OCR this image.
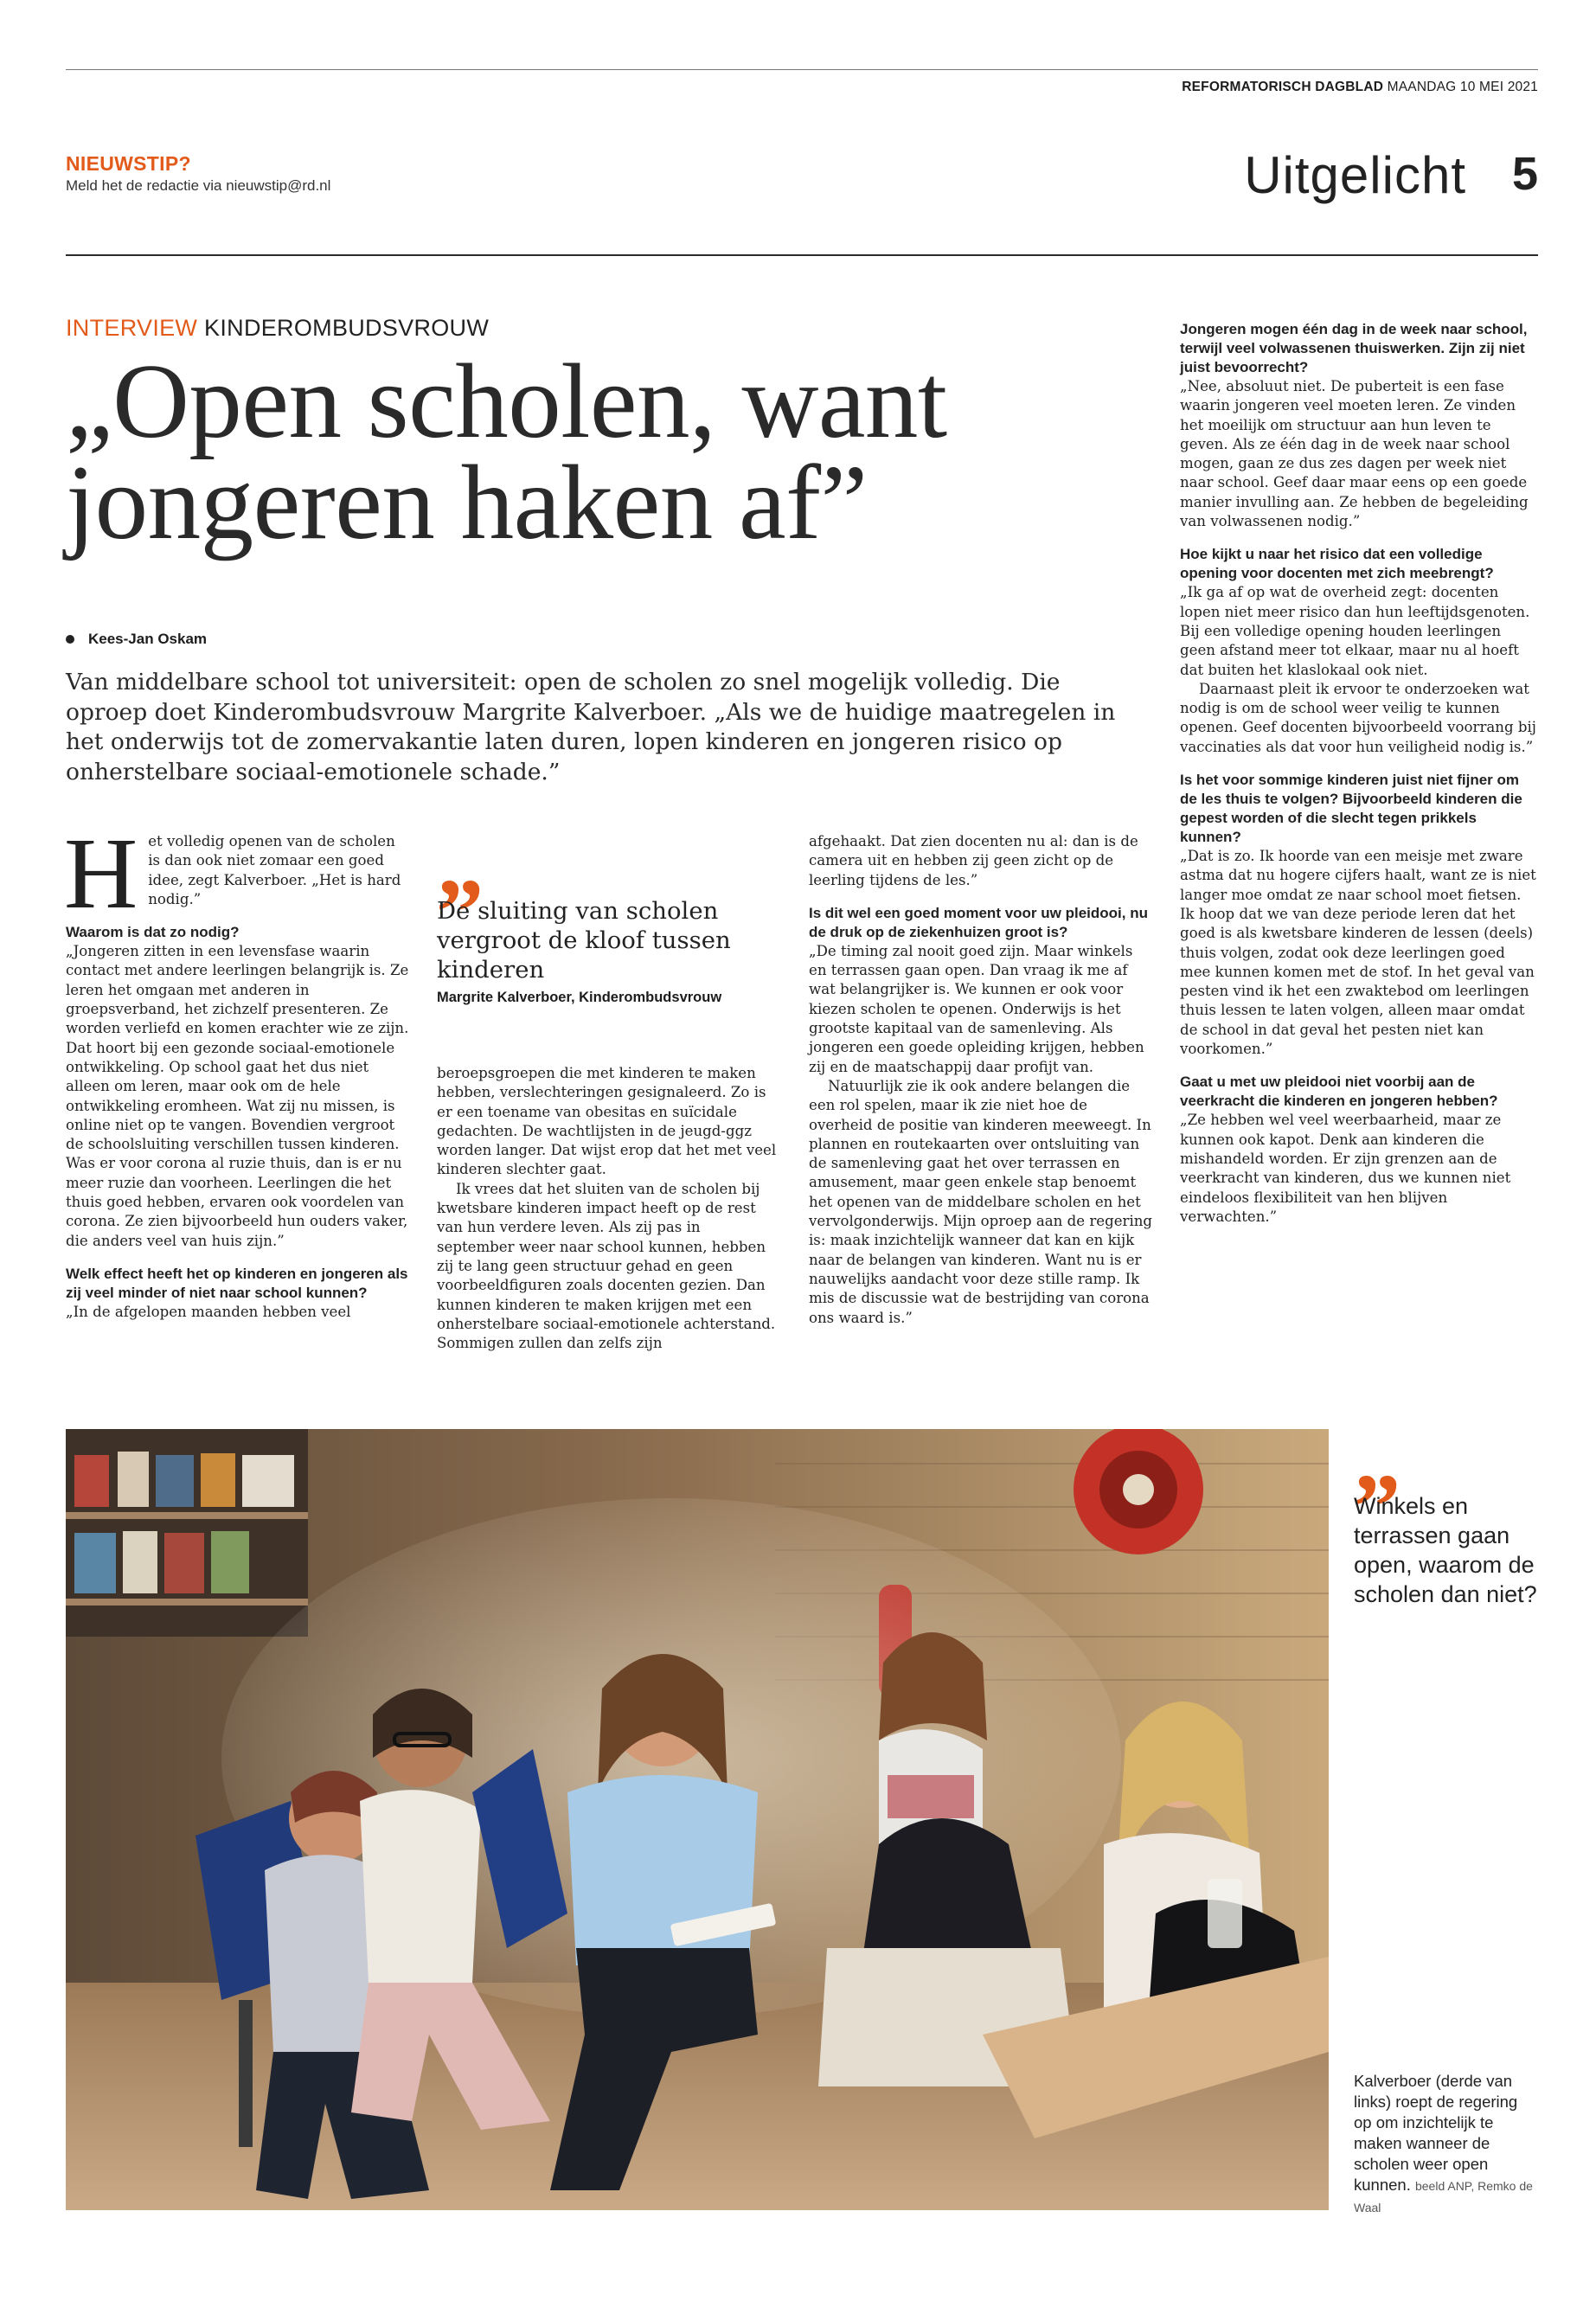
REFORMATORISCH DAGBLAD MAANDAG 10 MEI 2021
NIEUWSTIP?
Meld het de redactie via nieuwstip@rd.nl	Uitgelicht 5
INTERVIEW KINDEROMBUDSVROUW
„Open scholen, want
jongeren haken af”
Kees-Jan Oskam
Van middelbare school tot universiteit: open de scholen zo snel mogelijk volledig. Die oproep doet Kinderombudsvrouw Margrite Kalverboer. „Als we de huidige maatregelen in het onderwijs tot de zomervakantie laten duren, lopen kinderen en jongeren risico op onherstelbare sociaal-emotionele schade.”
H et volledig openen van de scholen is dan ook niet zomaar een goed idee, zegt Kalverboer. „Het is hard nodig.”

Waarom is dat zo nodig?

„Jongeren zitten in een levensfase waarin contact met andere leerlingen belangrijk is. Ze leren het omgaan met anderen in groepsverband, het zichzelf presenteren. Ze worden verliefd en komen erachter wie ze zijn. Dat hoort bij een gezonde sociaal-emotionele ontwikkeling. Op school gaat het dus niet alleen om leren, maar ook om de hele ontwikkeling eromheen. Wat zij nu missen, is online niet op te vangen. Bovendien vergroot de schoolsluiting verschillen tussen kinderen. Was er voor corona al ruzie thuis, dan is er nu meer ruzie dan voorheen. Leerlingen die het thuis goed hebben, ervaren ook voordelen van corona. Ze zien bijvoorbeeld hun ouders vaker, die anders veel van huis zijn.”

Welk effect heeft het op kinderen en jongeren als zij veel minder of niet naar school kunnen?

„In de afgelopen maanden hebben veel

„
De sluiting van scholen vergroot de kloof tussen kinderen
Margrite Kalverboer, Kinderombudsvrouw

beroepsgroepen die met kinderen te maken hebben, verslechteringen gesignaleerd. Zo is er een toename van obesitas en suïcidale gedachten. De wachtlijsten in de jeugd-ggz worden langer. Dat wijst erop dat het met veel kinderen slechter gaat.

Ik vrees dat het sluiten van de scholen bij kwetsbare kinderen impact heeft op de rest van hun verdere leven. Als zij pas in september weer naar school kunnen, hebben zij te lang geen structuur gehad en geen voorbeeldfiguren zoals docenten gezien. Dan kunnen kinderen te maken krijgen met een onherstelbare sociaal-emotionele achterstand. Sommigen zullen dan zelfs zijn

afgehaakt. Dat zien docenten nu al: dan is de camera uit en hebben zij geen zicht op de leerling tijdens de les.”

Is dit wel een goed moment voor uw pleidooi, nu de druk op de ziekenhuizen groot is?

„De timing zal nooit goed zijn. Maar winkels en terrassen gaan open. Dan vraag ik me af wat belangrijker is. We kunnen er ook voor kiezen scholen te openen. Onderwijs is het grootste kapitaal van de samenleving. Als jongeren een goede opleiding krijgen, hebben zij en de maatschappij daar profijt van.

Natuurlijk zie ik ook andere belangen die een rol spelen, maar ik zie niet hoe de overheid de positie van kinderen meeweegt. In plannen en routekaarten over ontsluiting van de samenleving gaat het over terrassen en amusement, maar geen enkele stap benoemt het openen van de middelbare scholen en het vervolgonderwijs. Mijn oproep aan de regering is: maak inzichtelijk wanneer dat kan en kijk naar de belangen van kinderen. Want nu is er nauwelijks aandacht voor deze stille ramp. Ik mis de discussie wat de bestrijding van corona ons waard is.”

Jongeren mogen één dag in de week naar school, terwijl veel volwassenen thuiswerken. Zijn zij niet juist bevoorrecht?

„Nee, absoluut niet. De puberteit is een fase waarin jongeren veel moeten leren. Ze vinden het moeilijk om structuur aan hun leven te geven. Als ze één dag in de week naar school mogen, gaan ze dus zes dagen per week niet naar school. Geef daar maar eens op een goede manier invulling aan. Ze hebben de begeleiding van volwassenen nodig.”

Hoe kijkt u naar het risico dat een volledige opening voor docenten met zich meebrengt?

„Ik ga af op wat de overheid zegt: docenten lopen niet meer risico dan hun leeftijdsgenoten. Bij een volledige opening houden leerlingen geen afstand meer tot elkaar, maar nu al hoeft dat buiten het klaslokaal ook niet.

Daarnaast pleit ik ervoor te onderzoeken wat nodig is om de school weer veilig te kunnen openen. Geef docenten bijvoorbeeld voorrang bij vaccinaties als dat voor hun veiligheid nodig is.”

Is het voor sommige kinderen juist niet fijner om de les thuis te volgen? Bijvoorbeeld kinderen die gepest worden of die slecht tegen prikkels kunnen?

„Dat is zo. Ik hoorde van een meisje met zware astma dat nu hogere cijfers haalt, want ze is niet langer moe omdat ze naar school moet fietsen. Ik hoop dat we van deze periode leren dat het goed is als kwetsbare kinderen de lessen (deels) thuis volgen, zodat ook deze leerlingen goed mee kunnen komen met de stof. In het geval van pesten vind ik het een zwaktebod om leerlingen thuis lessen te laten volgen, alleen maar omdat de school in dat geval het pesten niet kan voorkomen.”

Gaat u met uw pleidooi niet voorbij aan de veerkracht die kinderen en jongeren hebben?

„Ze hebben wel veel weerbaarheid, maar ze kunnen ook kapot. Denk aan kinderen die mishandeld worden. Er zijn grenzen aan de veerkracht van kinderen, dus we kunnen niet eindeloos flexibiliteit van hen blijven verwachten.”

„
Winkels en terrassen gaan open, waarom de scholen dan niet?
Kalverboer (derde van links) roept de regering op om inzichtelijk te maken wanneer de scholen weer open kunnen. beeld ANP, Remko de Waal
